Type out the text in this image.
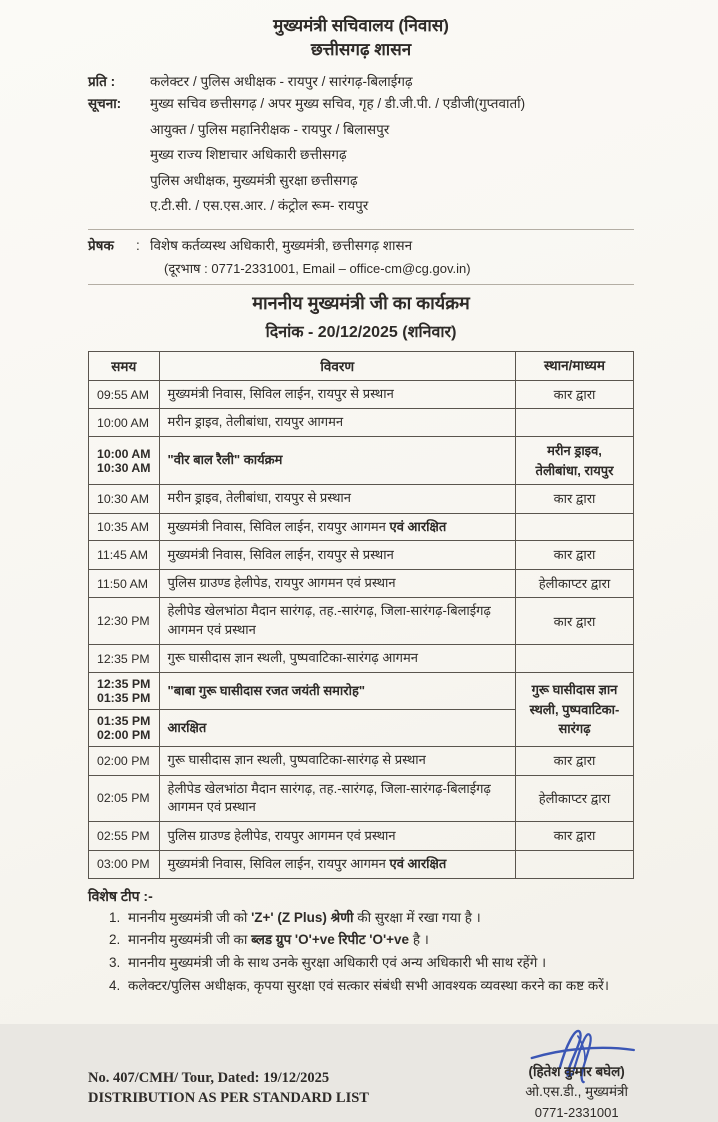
मुख्यमंत्री सचिवालय (निवास)
छत्तीसगढ़ शासन
प्रति :	कलेक्टर / पुलिस अधीक्षक - रायपुर / सारंगढ़-बिलाईगढ़
सूचना:	मुख्य सचिव छत्तीसगढ़ / अपर मुख्य सचिव, गृह / डी.जी.पी. / एडीजी(गुप्तवार्ता)
आयुक्त / पुलिस महानिरीक्षक - रायपुर / बिलासपुर
मुख्य राज्य शिष्टाचार अधिकारी छत्तीसगढ़
पुलिस अधीक्षक, मुख्यमंत्री सुरक्षा छत्तीसगढ़
ए.टी.सी. / एस.एस.आर. / कंट्रोल रूम- रायपुर
प्रेषक	: विशेष कर्तव्यस्थ अधिकारी, मुख्यमंत्री, छत्तीसगढ़ शासन
(दूरभाष : 0771-2331001, Email – office-cm@cg.gov.in)
माननीय मुख्यमंत्री जी का कार्यक्रम
दिनांक - 20/12/2025 (शनिवार)
समय	विवरण	स्थान/माध्यम

09:55 AM	मुख्यमंत्री निवास, सिविल लाईन, रायपुर से प्रस्थान	कार द्वारा

10:00 AM	मरीन ड्राइव, तेलीबांधा, रायपुर आगमन	

10:00 AM
10:30 AM	"वीर बाल रैली" कार्यक्रम	मरीन ड्राइव, तेलीबांधा, रायपुर

10:30 AM	मरीन ड्राइव, तेलीबांधा, रायपुर से प्रस्थान	कार द्वारा

10:35 AM	मुख्यमंत्री निवास, सिविल लाईन, रायपुर आगमन एवं आरक्षित	

11:45 AM	मुख्यमंत्री निवास, सिविल लाईन, रायपुर से प्रस्थान	कार द्वारा

11:50 AM	पुलिस ग्राउण्ड हेलीपेड, रायपुर आगमन एवं प्रस्थान	हेलीकाप्टर द्वारा

12:30 PM	हेलीपेड खेलभांठा मैदान सारंगढ़, तह.-सारंगढ़, जिला-सारंगढ़-बिलाईगढ़ आगमन एवं प्रस्थान	कार द्वारा

12:35 PM	गुरू घासीदास ज्ञान स्थली, पुष्पवाटिका-सारंगढ़ आगमन	

12:35 PM
01:35 PM	"बाबा गुरू घासीदास रजत जयंती समारोह"	गुरू घासीदास ज्ञान स्थली, पुष्पवाटिका-सारंगढ़

01:35 PM
02:00 PM	आरक्षित	

02:00 PM	गुरू घासीदास ज्ञान स्थली, पुष्पवाटिका-सारंगढ़ से प्रस्थान	कार द्वारा

02:05 PM	हेलीपेड खेलभांठा मैदान सारंगढ़, तह.-सारंगढ़, जिला-सारंगढ़-बिलाईगढ़ आगमन एवं प्रस्थान	हेलीकाप्टर द्वारा

02:55 PM	पुलिस ग्राउण्ड हेलीपेड, रायपुर आगमन एवं प्रस्थान	कार द्वारा

03:00 PM	मुख्यमंत्री निवास, सिविल लाईन, रायपुर आगमन एवं आरक्षित	
विशेष टीप :-
1. माननीय मुख्यमंत्री जी को 'Z+' (Z Plus) श्रेणी की सुरक्षा में रखा गया है ।
2. माननीय मुख्यमंत्री जी का ब्लड ग्रुप 'O'+ve रिपीट 'O'+ve है ।
3. माननीय मुख्यमंत्री जी के साथ उनके सुरक्षा अधिकारी एवं अन्य अधिकारी भी साथ रहेंगे ।
4. कलेक्टर/पुलिस अधीक्षक, कृपया सुरक्षा एवं सत्कार संबंधी सभी आवश्यक व्यवस्था करने का कष्ट करें।
No. 407/CMH/ Tour, Dated: 19/12/2025
DISTRIBUTION AS PER STANDARD LIST
(हितेश कुमार बघेल)
ओ.एस.डी., मुख्यमंत्री
0771-2331001
